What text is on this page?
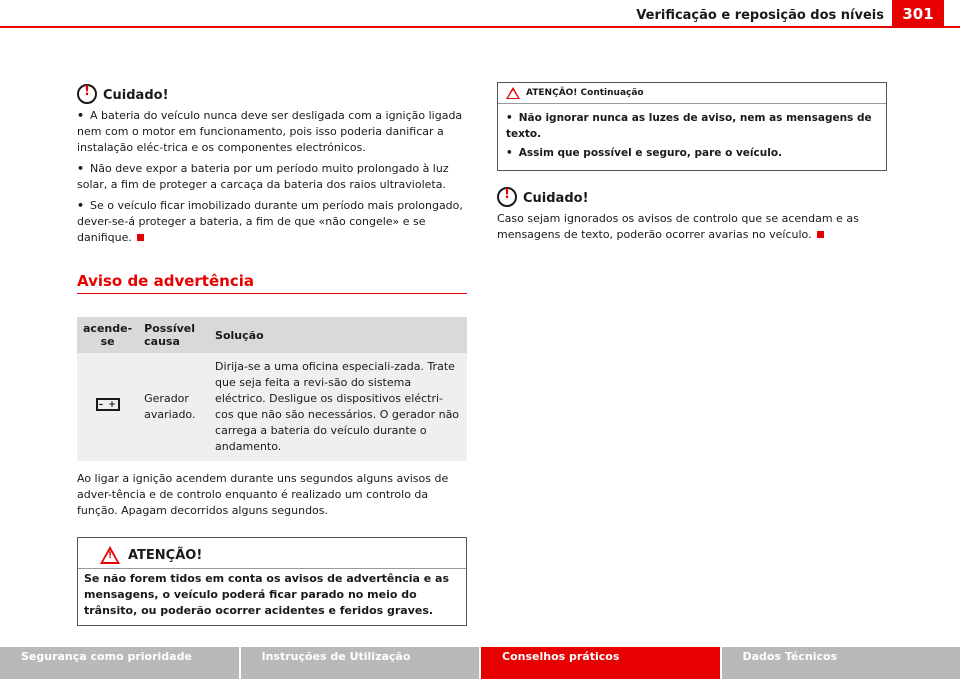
Verificação e reposição dos níveis	301
!
Cuidado!

• A bateria do veículo nunca deve ser desligada com a ignição ligada nem com o motor em funcionamento, pois isso poderia danificar a instalação eléc-trica e os componentes electrónicos.

• Não deve expor a bateria por um período muito prolongado à luz solar, a fim de proteger a carcaça da bateria dos raios ultravioleta.

• Se o veículo ficar imobilizado durante um período mais prolongado, dever-se-á proteger a bateria, a fim de que «não congele» e se danifique.

Aviso de advertência
acende-se	Possível causa	Solução
– +	Gerador avariado.	Dirija-se a uma oficina especiali-zada. Trate que seja feita a revi-são do sistema eléctrico. Desligue os dispositivos eléctri-cos que não são necessários. O gerador não carrega a bateria do veículo durante o andamento.

Ao ligar a ignição acendem durante uns segundos alguns avisos de adver-tência e de controlo enquanto é realizado um controlo da função. Apagam decorridos alguns segundos.

! ATENÇÃO!

Se não forem tidos em conta os avisos de advertência e as mensagens, o veículo poderá ficar parado no meio do trânsito, ou poderão ocorrer acidentes e feridos graves.

ATENÇÃO! Continuação

• Não ignorar nunca as luzes de aviso, nem as mensagens de texto.

• Assim que possível e seguro, pare o veículo.

!
Cuidado!

Caso sejam ignorados os avisos de controlo que se acendam e as mensagens de texto, poderão ocorrer avarias no veículo.

Segurança como prioridade	Instruções de Utilização	Conselhos práticos	Dados Técnicos
